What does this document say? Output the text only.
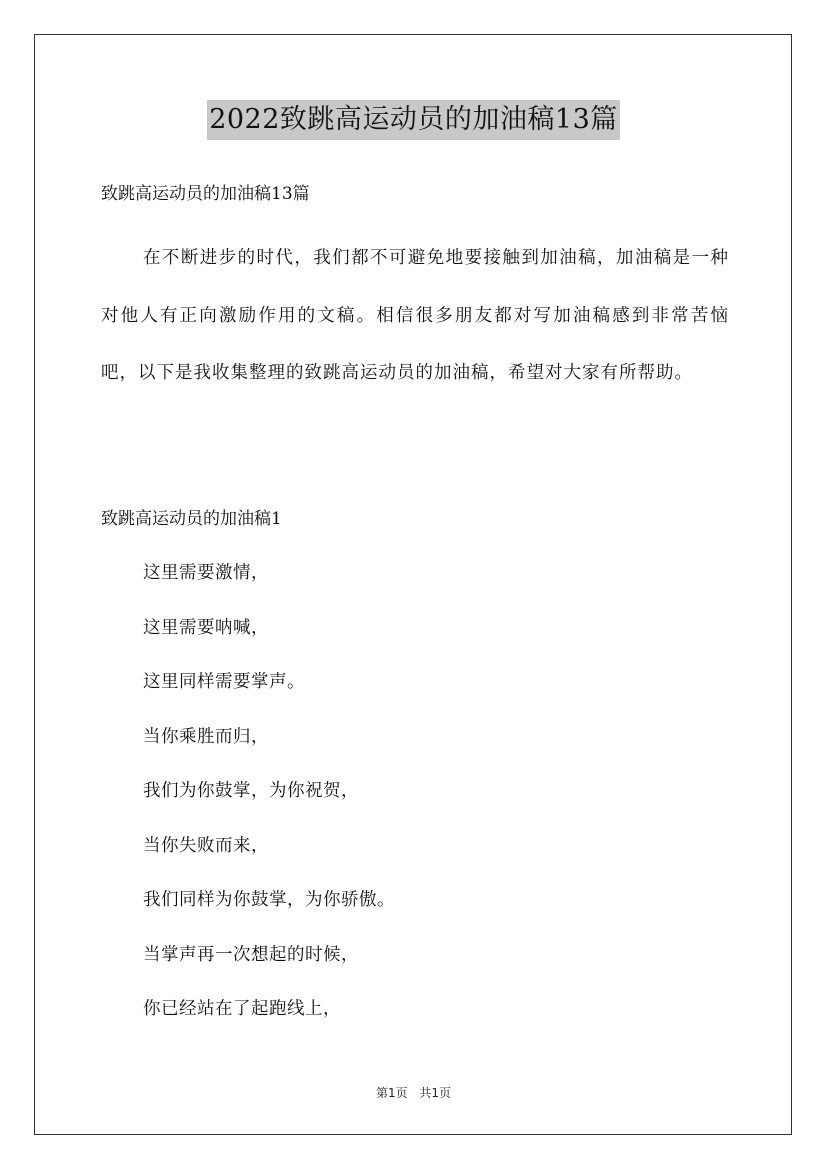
2022致跳高运动员的加油稿13篇
致跳高运动员的加油稿13篇

在不断进步的时代，我们都不可避免地要接触到加油稿，加油稿是一种对他人有正向激励作用的文稿。相信很多朋友都对写加油稿感到非常苦恼吧，以下是我收集整理的致跳高运动员的加油稿，希望对大家有所帮助。

致跳高运动员的加油稿1
这里需要激情，
这里需要呐喊，
这里同样需要掌声。
当你乘胜而归，
我们为你鼓掌，为你祝贺，
当你失败而来，
我们同样为你鼓掌，为你骄傲。
当掌声再一次想起的时候，
你已经站在了起跑线上，
第1页 共1页
